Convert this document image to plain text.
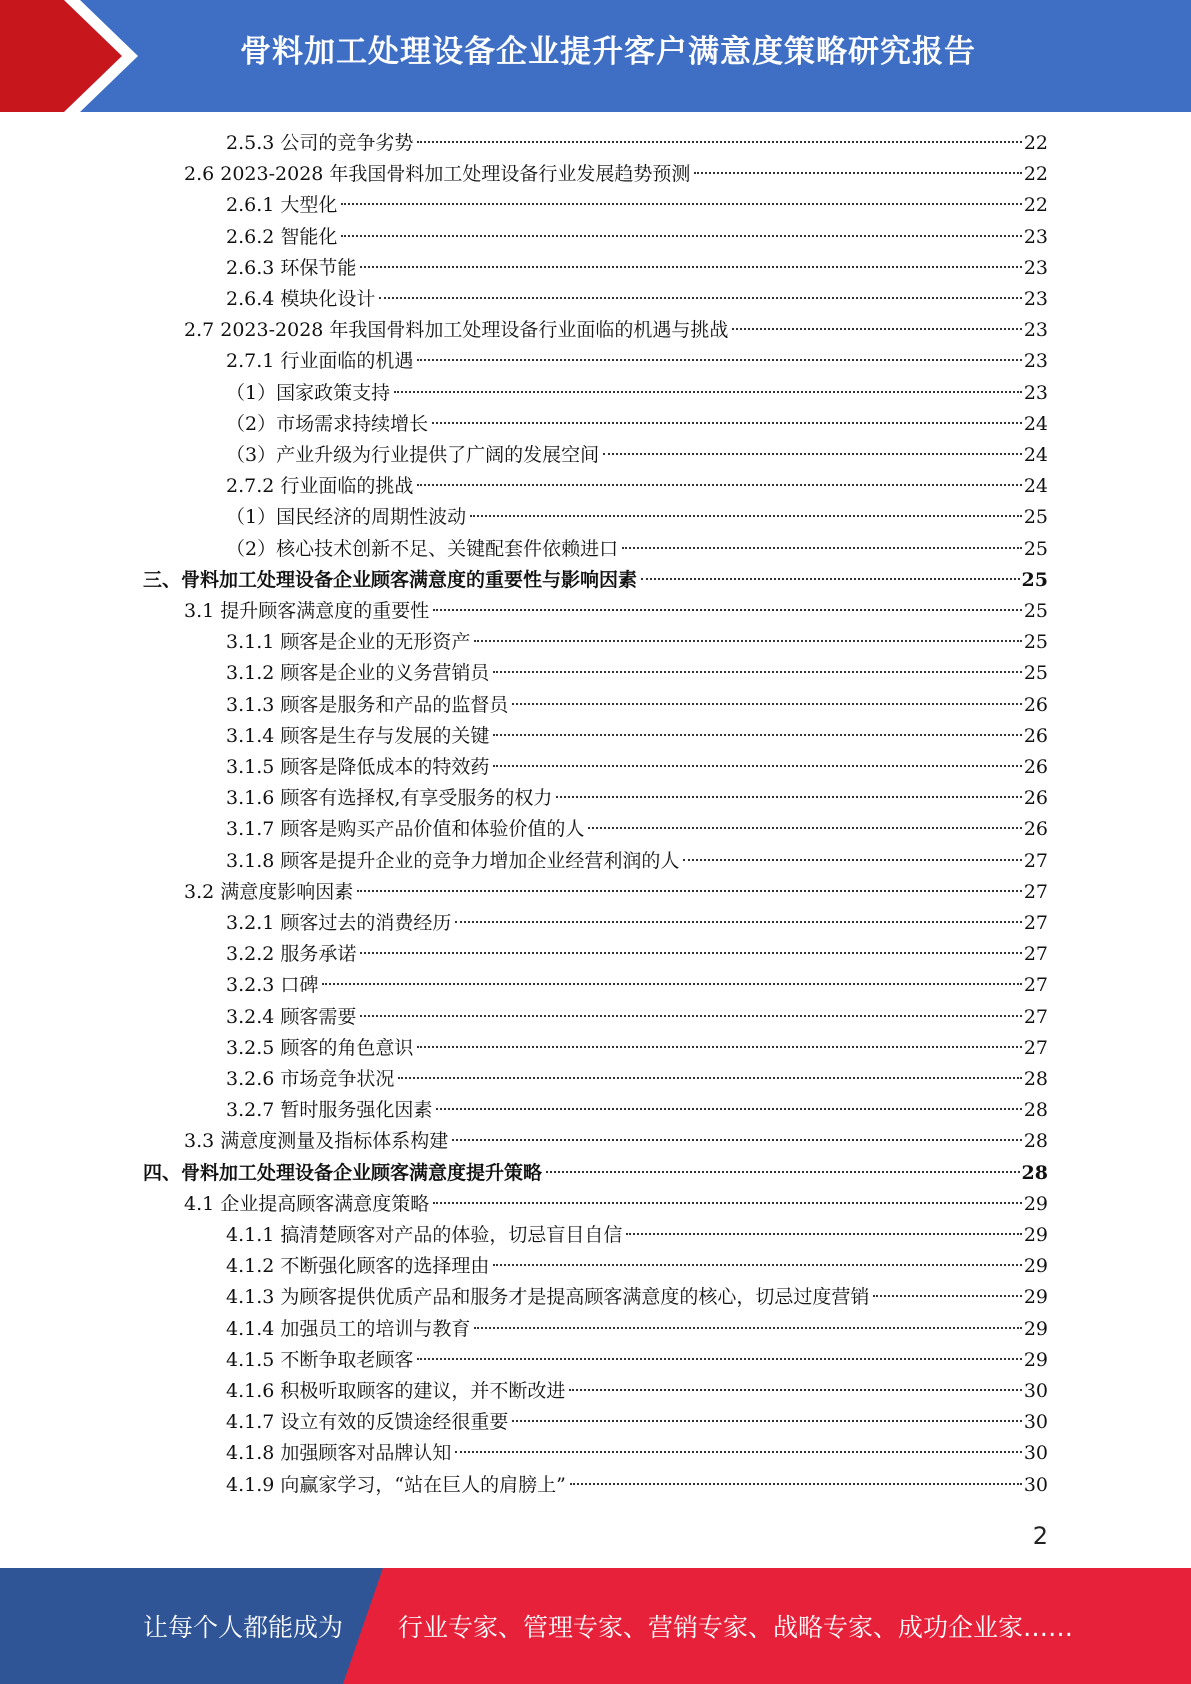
骨料加工处理设备企业提升客户满意度策略研究报告
2.5.3 公司的竞争劣势	22
2.6 2023-2028 年我国骨料加工处理设备行业发展趋势预测	22
2.6.1 大型化	22
2.6.2 智能化	23
2.6.3 环保节能	23
2.6.4 模块化设计	23
2.7 2023-2028 年我国骨料加工处理设备行业面临的机遇与挑战	23
2.7.1 行业面临的机遇	23
（1）国家政策支持	23
（2）市场需求持续增长	24
（3）产业升级为行业提供了广阔的发展空间	24
2.7.2 行业面临的挑战	24
（1）国民经济的周期性波动	25
（2）核心技术创新不足、关键配套件依赖进口	25
三、骨料加工处理设备企业顾客满意度的重要性与影响因素	25
3.1 提升顾客满意度的重要性	25
3.1.1 顾客是企业的无形资产	25
3.1.2 顾客是企业的义务营销员	25
3.1.3 顾客是服务和产品的监督员	26
3.1.4 顾客是生存与发展的关键	26
3.1.5 顾客是降低成本的特效药	26
3.1.6 顾客有选择权,有享受服务的权力	26
3.1.7 顾客是购买产品价值和体验价值的人	26
3.1.8 顾客是提升企业的竞争力增加企业经营利润的人	27
3.2 满意度影响因素	27
3.2.1 顾客过去的消费经历	27
3.2.2 服务承诺	27
3.2.3 口碑	27
3.2.4 顾客需要	27
3.2.5 顾客的角色意识	27
3.2.6 市场竞争状况	28
3.2.7 暂时服务强化因素	28
3.3 满意度测量及指标体系构建	28
四、骨料加工处理设备企业顾客满意度提升策略	28
4.1 企业提高顾客满意度策略	29
4.1.1 搞清楚顾客对产品的体验，切忌盲目自信	29
4.1.2 不断强化顾客的选择理由	29
4.1.3 为顾客提供优质产品和服务才是提高顾客满意度的核心，切忌过度营销	29
4.1.4 加强员工的培训与教育	29
4.1.5 不断争取老顾客	29
4.1.6 积极听取顾客的建议，并不断改进	30
4.1.7 设立有效的反馈途经很重要	30
4.1.8 加强顾客对品牌认知	30
4.1.9 向赢家学习，“站在巨人的肩膀上”	30
2
让每个人都能成为 行业专家、管理专家、营销专家、战略专家、成功企业家……
